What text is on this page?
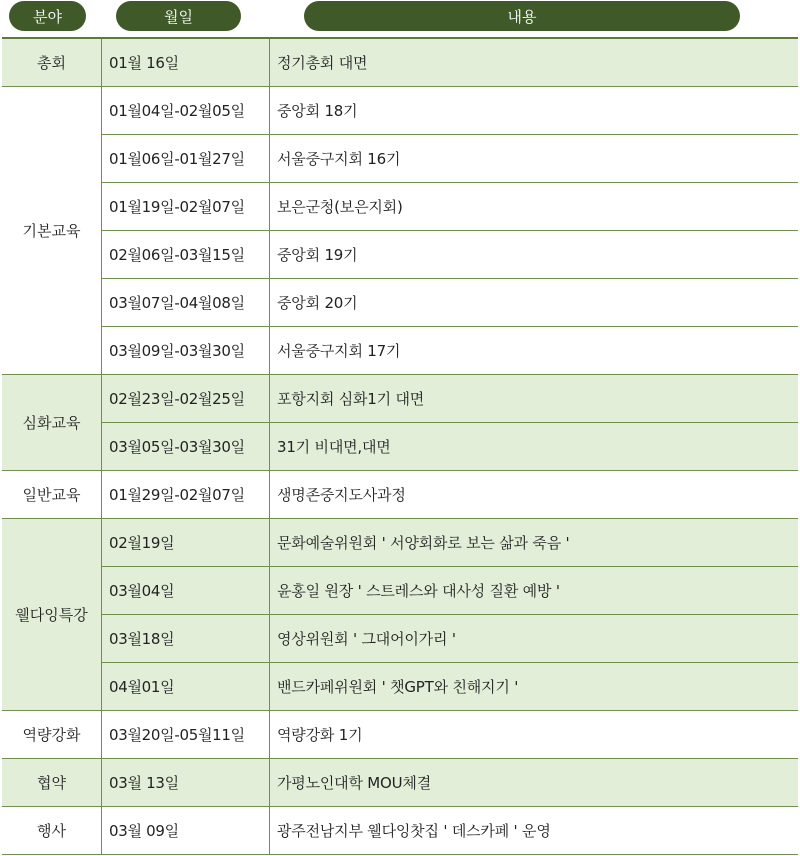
분야	월일	내용
총회	01월 16일	정기총회 대면
기본교육	01월04일-02월05일	중앙회 18기
	01월06일-01월27일	서울중구지회 16기
	01월19일-02월07일	보은군청(보은지회)
	02월06일-03월15일	중앙회 19기
	03월07일-04월08일	중앙회 20기
	03월09일-03월30일	서울중구지회 17기
심화교육	02월23일-02월25일	포항지회 심화1기 대면
	03월05일-03월30일	31기 비대면,대면
일반교육	01월29일-02월07일	생명존중지도사과정
웰다잉특강	02월19일	문화예술위원회 ' 서양회화로 보는 삶과 죽음 '
	03월04일	윤홍일 원장 ' 스트레스와 대사성 질환 예방 '
	03월18일	영상위원회 ' 그대어이가리 '
	04월01일	밴드카페위원회 ' 챗GPT와 친해지기 '
역량강화	03월20일-05월11일	역량강화 1기
협약	03월 13일	가평노인대학 MOU체결
행사	03월 09일	광주전남지부 웰다잉찻집 ' 데스카페 ' 운영
